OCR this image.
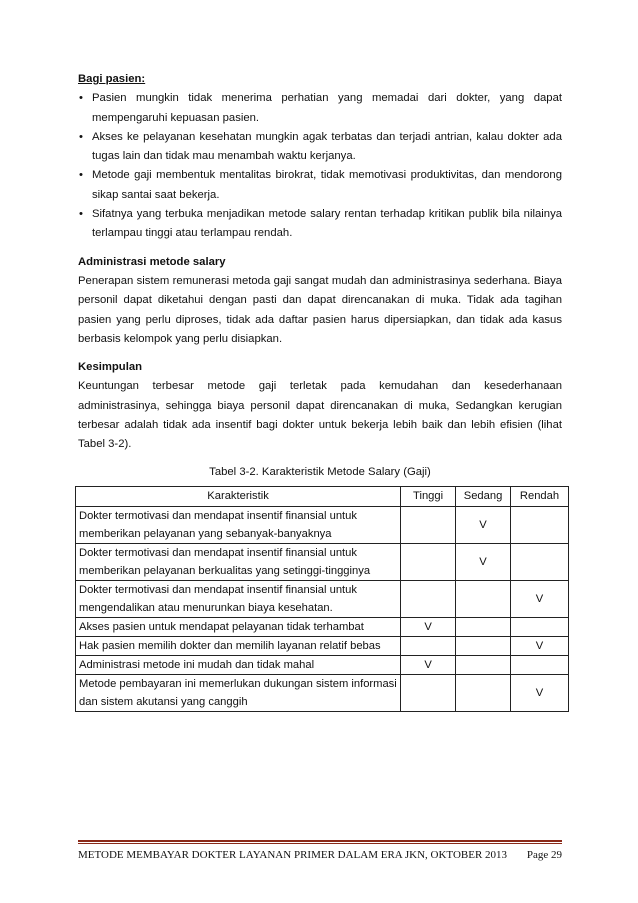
Bagi pasien:

• Pasien mungkin tidak menerima perhatian yang memadai dari dokter, yang dapat mempengaruhi kepuasan pasien.
• Akses ke pelayanan kesehatan mungkin agak terbatas dan terjadi antrian, kalau dokter ada tugas lain dan tidak mau menambah waktu kerjanya.
• Metode gaji membentuk mentalitas birokrat, tidak memotivasi produktivitas, dan mendorong sikap santai saat bekerja.
• Sifatnya yang terbuka menjadikan metode salary rentan terhadap kritikan publik bila nilainya terlampau tinggi atau terlampau rendah.

Administrasi metode salary

Penerapan sistem remunerasi metoda gaji sangat mudah dan administrasinya sederhana. Biaya personil dapat diketahui dengan pasti dan dapat direncanakan di muka. Tidak ada tagihan pasien yang perlu diproses, tidak ada daftar pasien harus dipersiapkan, dan tidak ada kasus berbasis kelompok yang perlu disiapkan.

Kesimpulan

Keuntungan terbesar metode gaji terletak pada kemudahan dan kesederhanaan administrasinya, sehingga biaya personil dapat direncanakan di muka, Sedangkan kerugian terbesar adalah tidak ada insentif bagi dokter untuk bekerja lebih baik dan lebih efisien (lihat Tabel 3-2).

Tabel 3-2. Karakteristik Metode Salary (Gaji)
Karakteristik	Tinggi	Sedang	Rendah
Dokter termotivasi dan mendapat insentif finansial untuk memberikan pelayanan yang sebanyak-banyaknya		V	
Dokter termotivasi dan mendapat insentif finansial untuk memberikan pelayanan berkualitas yang setinggi-tingginya		V	
Dokter termotivasi dan mendapat insentif finansial untuk mengendalikan atau menurunkan biaya kesehatan.			V
Akses pasien untuk mendapat pelayanan tidak terhambat	V		
Hak pasien memilih dokter dan memilih layanan relatif bebas			V
Administrasi metode ini mudah dan tidak mahal	V		
Metode pembayaran ini memerlukan dukungan sistem informasi dan sistem akutansi yang canggih			V
METODE MEMBAYAR DOKTER LAYANAN PRIMER DALAM ERA JKN, OKTOBER 2013 Page 29
